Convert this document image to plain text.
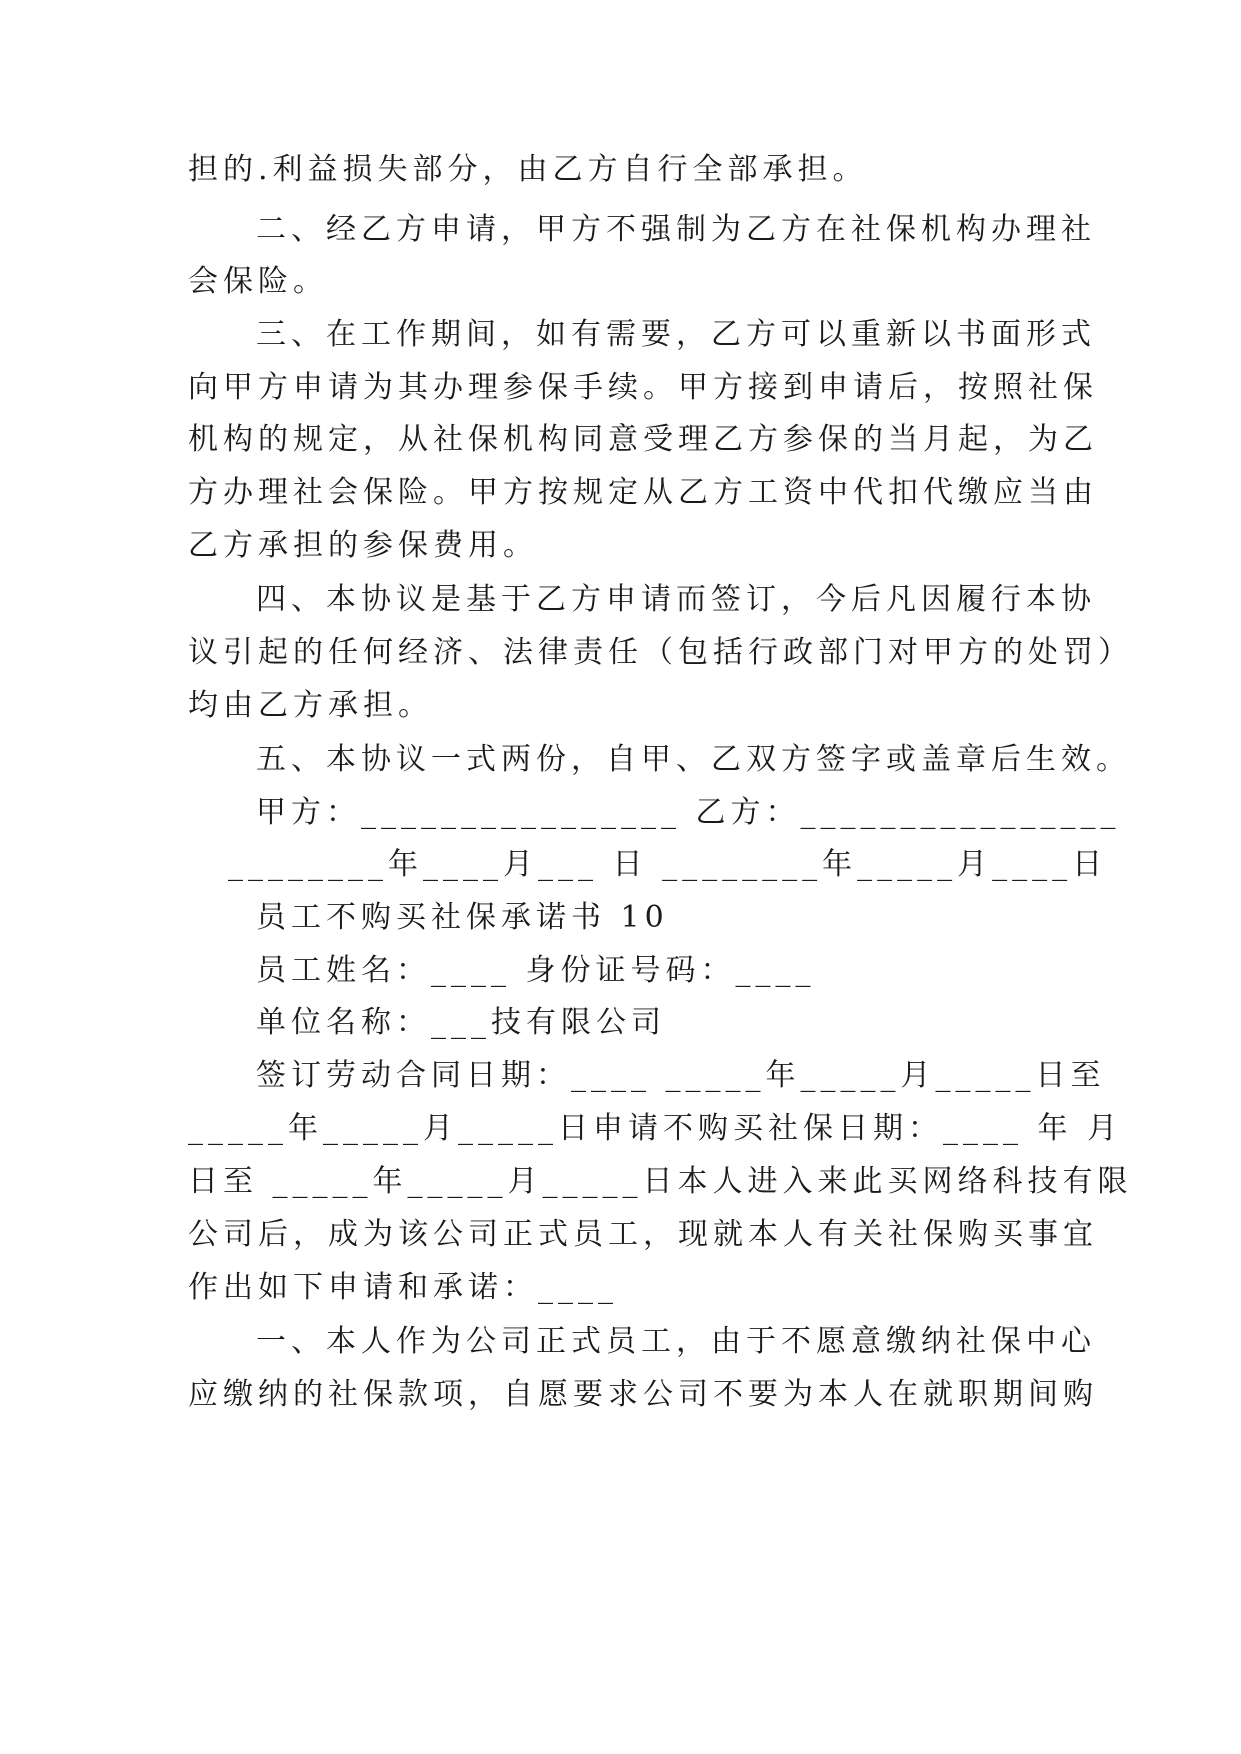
担的.利益损失部分，由乙方自行全部承担。
二、经乙方申请，甲方不强制为乙方在社保机构办理社
会保险。
三、在工作期间，如有需要，乙方可以重新以书面形式
向甲方申请为其办理参保手续。甲方接到申请后，按照社保
机构的规定，从社保机构同意受理乙方参保的当月起，为乙
方办理社会保险。甲方按规定从乙方工资中代扣代缴应当由
乙方承担的参保费用。
四、本协议是基于乙方申请而签订，今后凡因履行本协
议引起的任何经济、法律责任（包括行政部门对甲方的处罚）
均由乙方承担。
五、本协议一式两份，自甲、乙双方签字或盖章后生效。
甲方：________________ 乙方：________________
________年____月___ 日 ________年_____月____日
员工不购买社保承诺书 10
员工姓名：____ 身份证号码：____
单位名称：___技有限公司
签订劳动合同日期：____ _____年_____月_____日至
_____年_____月_____日申请不购买社保日期：____ 年 月
日至 _____年_____月_____日本人进入来此买网络科技有限
公司后，成为该公司正式员工，现就本人有关社保购买事宜
作出如下申请和承诺：____
一、本人作为公司正式员工，由于不愿意缴纳社保中心
应缴纳的社保款项，自愿要求公司不要为本人在就职期间购
